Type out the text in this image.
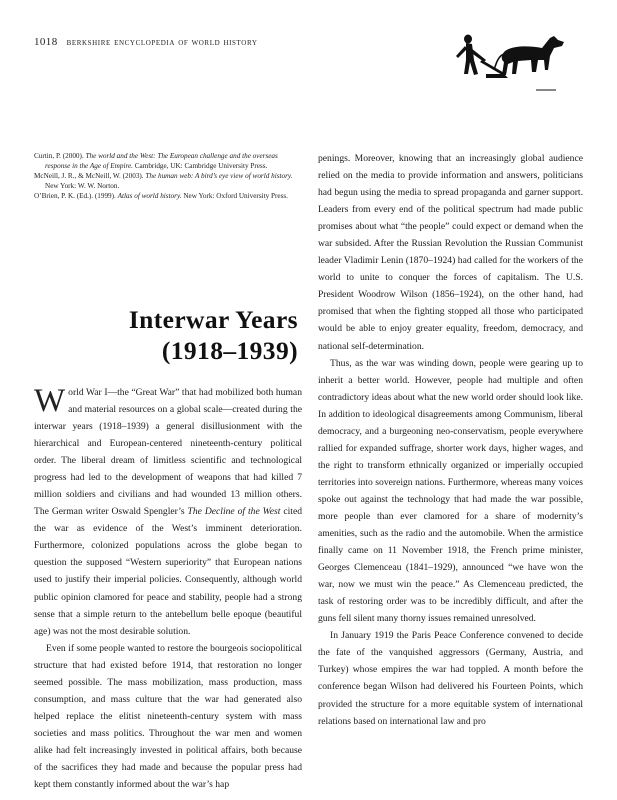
1018 berkshire encyclopedia of world history

Curtin, P. (2000). The world and the West: The European challenge and the overseas response in the Age of Empire. Cambridge, UK: Cambridge University Press.

McNeill, J. R., & McNeill, W. (2003). The human web: A bird’s eye view of world history. New York: W. W. Norton.

O’Brien, P. K. (Ed.). (1999). Atlas of world history. New York: Oxford University Press.

Interwar Years
(1918–1939)

World War I—the “Great War” that had mobilized both human and material resources on a global scale—created during the interwar years (1918–1939) a general disillusionment with the hierarchical and European-centered nineteenth-century political order. The liberal dream of limitless scientific and technological progress had led to the development of weapons that had killed 7 million soldiers and civilians and had wounded 13 million others. The German writer Oswald Spengler’s The Decline of the West cited the war as evidence of the West’s imminent deterioration. Furthermore, colonized populations across the globe began to question the supposed “Western superiority” that European nations used to justify their imperial policies. Consequently, although world public opinion clamored for peace and stability, people had a strong sense that a simple return to the antebellum belle epoque (beautiful age) was not the most desirable solution.

Even if some people wanted to restore the bourgeois sociopolitical structure that had existed before 1914, that restoration no longer seemed possible. The mass mobilization, mass production, mass consumption, and mass culture that the war had generated also helped replace the elitist nineteenth-century system with mass societies and mass politics. Throughout the war men and women alike had felt increasingly invested in political affairs, both because of the sacrifices they had made and because the popular press had kept them constantly informed about the war’s hap

penings. Moreover, knowing that an increasingly global audience relied on the media to provide information and answers, politicians had begun using the media to spread propaganda and garner support. Leaders from every end of the political spectrum had made public promises about what “the people” could expect or demand when the war subsided. After the Russian Revolution the Russian Communist leader Vladimir Lenin (1870–1924) had called for the workers of the world to unite to conquer the forces of capitalism. The U.S. President Woodrow Wilson (1856–1924), on the other hand, had promised that when the fighting stopped all those who participated would be able to enjoy greater equality, freedom, democracy, and national self-determination.

Thus, as the war was winding down, people were gearing up to inherit a better world. However, people had multiple and often contradictory ideas about what the new world order should look like. In addition to ideological disagreements among Communism, liberal democracy, and a burgeoning neo-conservatism, people everywhere rallied for expanded suffrage, shorter work days, higher wages, and the right to transform ethnically organized or imperially occupied territories into sovereign nations. Furthermore, whereas many voices spoke out against the technology that had made the war possible, more people than ever clamored for a share of modernity’s amenities, such as the radio and the automobile. When the armistice finally came on 11 November 1918, the French prime minister, Georges Clemenceau (1841–1929), announced “we have won the war, now we must win the peace.” As Clemenceau predicted, the task of restoring order was to be incredibly difficult, and after the guns fell silent many thorny issues remained unresolved.

In January 1919 the Paris Peace Conference convened to decide the fate of the vanquished aggressors (Germany, Austria, and Turkey) whose empires the war had toppled. A month before the conference began Wilson had delivered his Fourteen Points, which provided the structure for a more equitable system of international relations based on international law and pro
